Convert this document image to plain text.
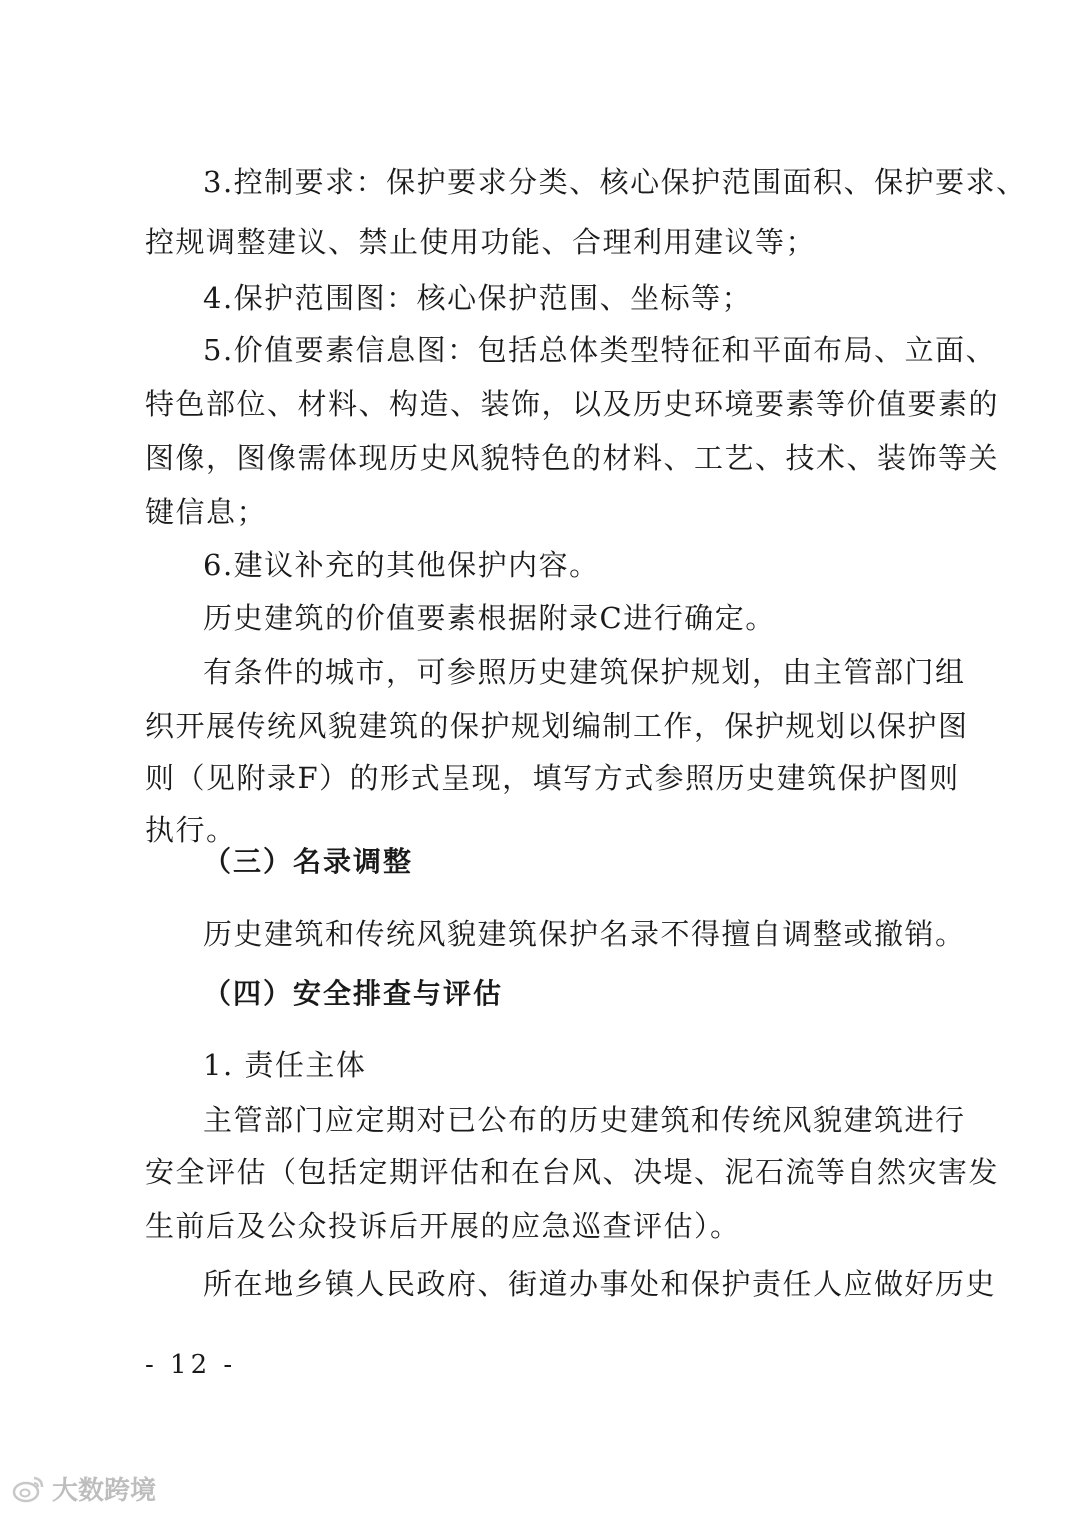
3.控制要求：保护要求分类、核心保护范围面积、保护要求、
控规调整建议、禁止使用功能、合理利用建议等；
4.保护范围图：核心保护范围、坐标等；
5.价值要素信息图：包括总体类型特征和平面布局、立面、
特色部位、材料、构造、装饰，以及历史环境要素等价值要素的
图像，图像需体现历史风貌特色的材料、工艺、技术、装饰等关
键信息；
6.建议补充的其他保护内容。
历史建筑的价值要素根据附录C进行确定。
有条件的城市，可参照历史建筑保护规划，由主管部门组
织开展传统风貌建筑的保护规划编制工作，保护规划以保护图
则（见附录F）的形式呈现，填写方式参照历史建筑保护图则
执行。
（三）名录调整
历史建筑和传统风貌建筑保护名录不得擅自调整或撤销。
（四）安全排查与评估
1. 责任主体
主管部门应定期对已公布的历史建筑和传统风貌建筑进行
安全评估（包括定期评估和在台风、决堤、泥石流等自然灾害发
生前后及公众投诉后开展的应急巡查评估）。
所在地乡镇人民政府、街道办事处和保护责任人应做好历史
- 12 -
大数跨境
